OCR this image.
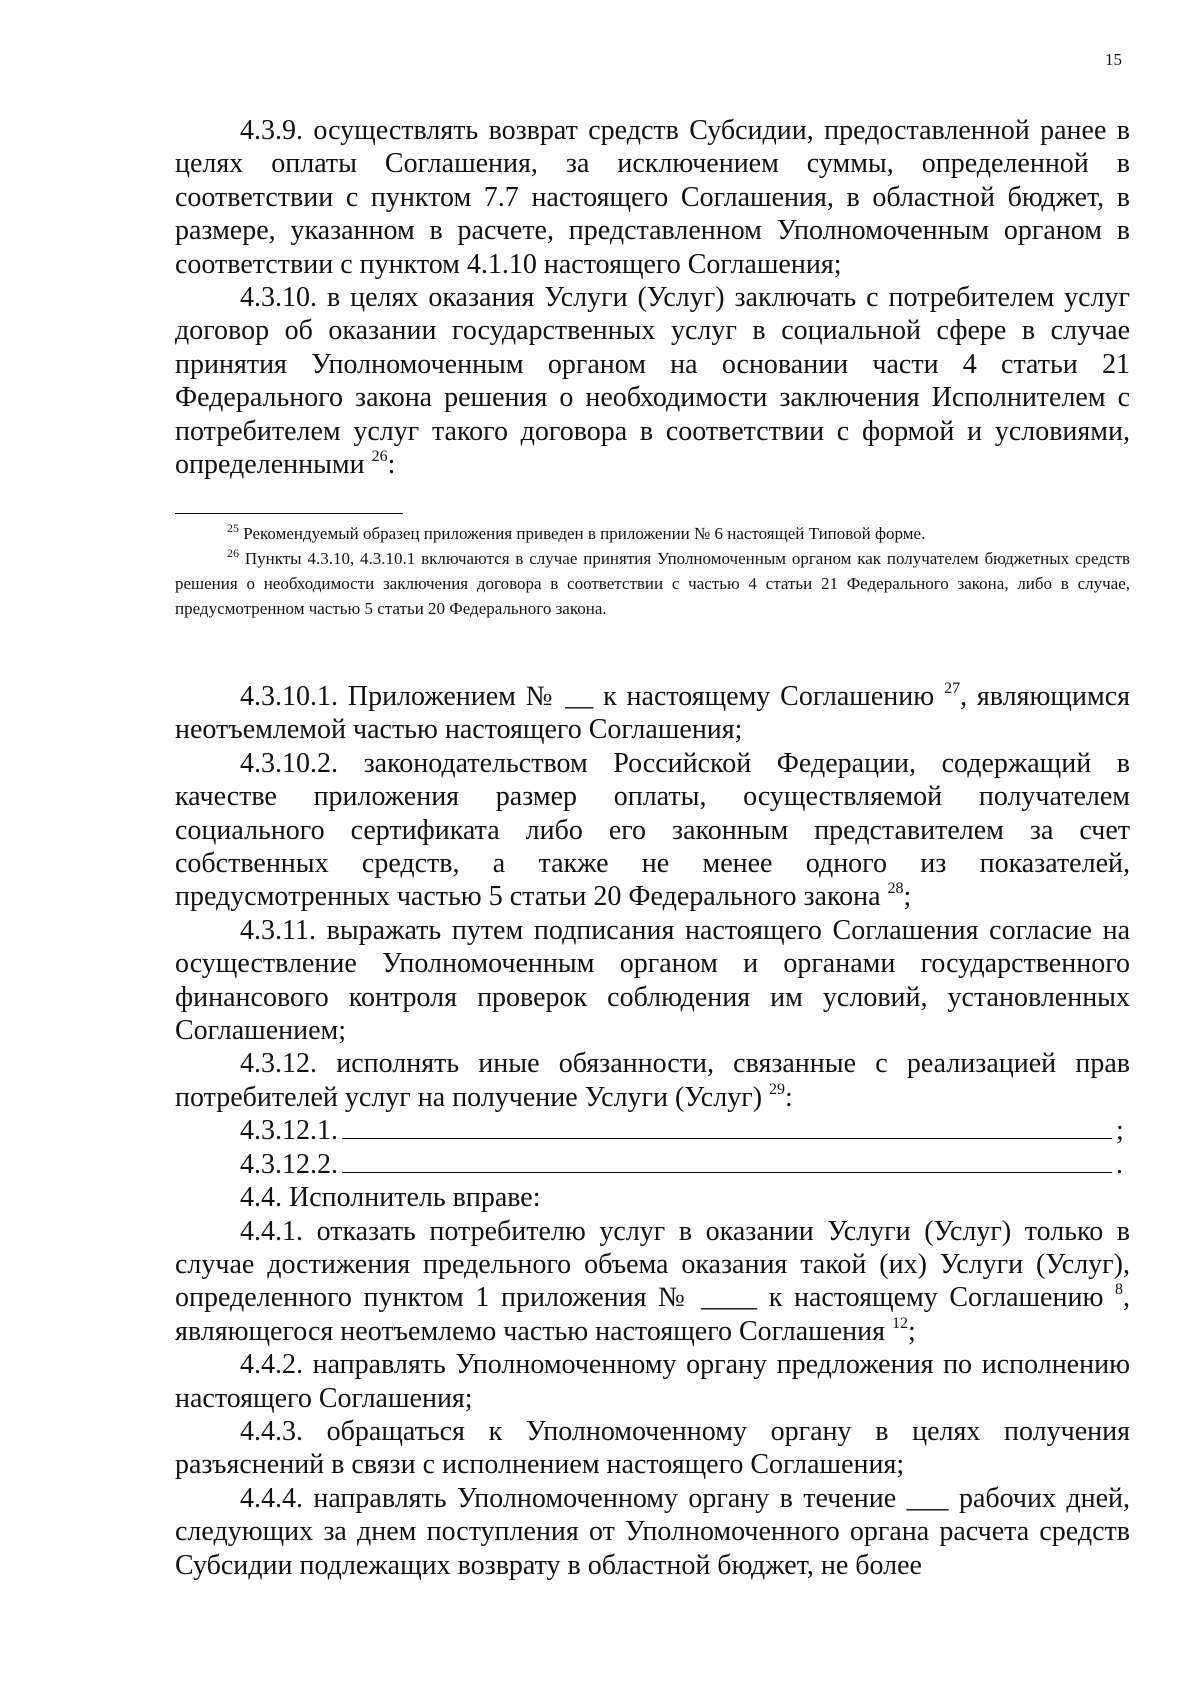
15

4.3.9. осуществлять возврат средств Субсидии, предоставленной ранее в целях оплаты Соглашения, за исключением суммы, определенной в соответствии с пунктом 7.7 настоящего Соглашения, в областной бюджет, в размере, указанном в расчете, представленном Уполномоченным органом в соответствии с пунктом 4.1.10 настоящего Соглашения;

4.3.10. в целях оказания Услуги (Услуг) заключать с потребителем услуг договор об оказании государственных услуг в социальной сфере в случае принятия Уполномоченным органом на основании части 4 статьи 21 Федерального закона решения о необходимости заключения Исполнителем с потребителем услуг такого договора в соответствии с формой и условиями, определенными $^{26}$:

$^{25}$ Рекомендуемый образец приложения приведен в приложении № 6 настоящей Типовой форме.

$^{26}$ Пункты 4.3.10, 4.3.10.1 включаются в случае принятия Уполномоченным органом как получателем бюджетных средств решения о необходимости заключения договора в соответствии с частью 4 статьи 21 Федерального закона, либо в случае, предусмотренном частью 5 статьи 20 Федерального закона.

4.3.10.1. Приложением № __ к настоящему Соглашению $^{27}$, являющимся неотъемлемой частью настоящего Соглашения;

4.3.10.2. законодательством Российской Федерации, содержащий в качестве приложения размер оплаты, осуществляемой получателем социального сертификата либо его законным представителем за счет собственных средств, а также не менее одного из показателей, предусмотренных частью 5 статьи 20 Федерального закона $^{28}$;

4.3.11. выражать путем подписания настоящего Соглашения согласие на осуществление Уполномоченным органом и органами государственного финансового контроля проверок соблюдения им условий, установленных Соглашением;

4.3.12. исполнять иные обязанности, связанные с реализацией прав потребителей услуг на получение Услуги (Услуг) $^{29}$:

4.3.12.1.	;

4.3.12.2.	.

4.4. Исполнитель вправе:

4.4.1. отказать потребителю услуг в оказании Услуги (Услуг) только в случае достижения предельного объема оказания такой (их) Услуги (Услуг), определенного пунктом 1 приложения № ____ к настоящему Соглашению $^8$, являющегося неотъемлемо частью настоящего Соглашения $^{12}$;

4.4.2. направлять Уполномоченному органу предложения по исполнению настоящего Соглашения;

4.4.3. обращаться к Уполномоченному органу в целях получения разъяснений в связи с исполнением настоящего Соглашения;

4.4.4. направлять Уполномоченному органу в течение ___ рабочих дней, следующих за днем поступления от Уполномоченного органа расчета средств Субсидии подлежащих возврату в областной бюджет, не более
